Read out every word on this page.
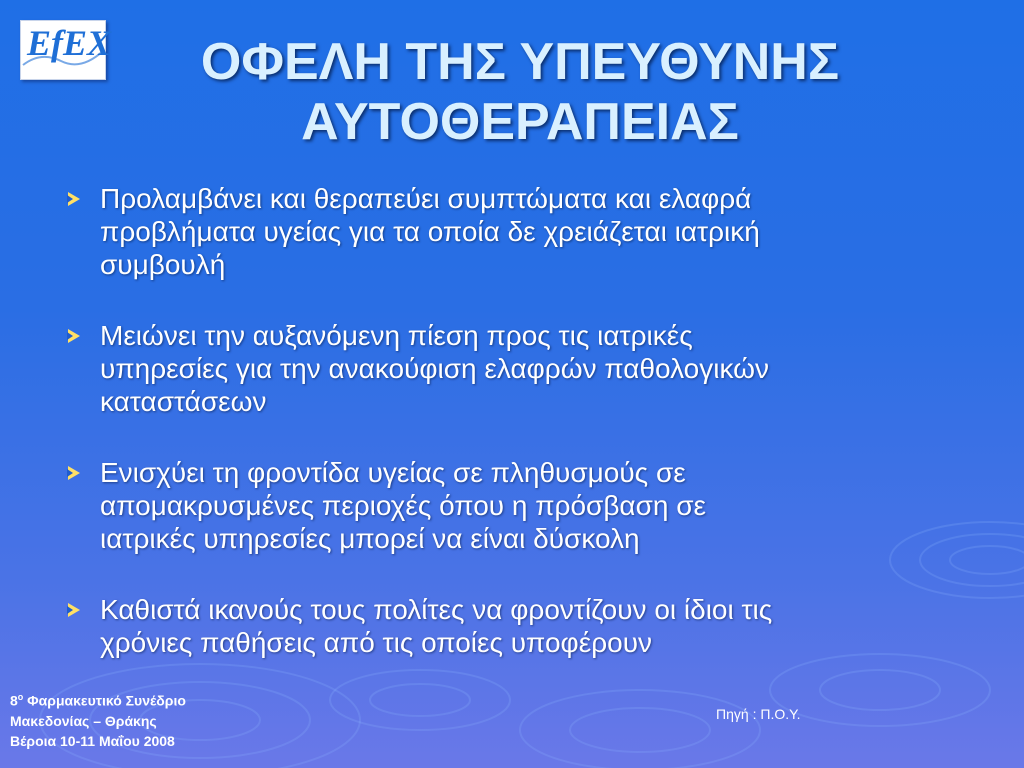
EfEX	ΟΦΕΛΗ ΤΗΣ ΥΠΕΥΘΥΝΗΣ
ΑΥΤΟΘΕΡΑΠΕΙΑΣ
Προλαμβάνει και θεραπεύει συμπτώματα και ελαφρά
προβλήματα υγείας για τα οποία δε χρειάζεται ιατρική
συμβουλή
Μειώνει την αυξανόμενη πίεση προς τις ιατρικές
υπηρεσίες για την ανακούφιση ελαφρών παθολογικών
καταστάσεων
Ενισχύει τη φροντίδα υγείας σε πληθυσμούς σε
απομακρυσμένες περιοχές όπου η πρόσβαση σε
ιατρικές υπηρεσίες μπορεί να είναι δύσκολη
Καθιστά ικανούς τους πολίτες να φροντίζουν οι ίδιοι τις
χρόνιες παθήσεις από τις οποίες υποφέρουν
$8^o$ Φαρμακευτικό Συνέδριο
Μακεδονίας – Θράκης
Βέροια 10-11 Μαΐου 2008
Πηγή : Π.Ο.Υ.
